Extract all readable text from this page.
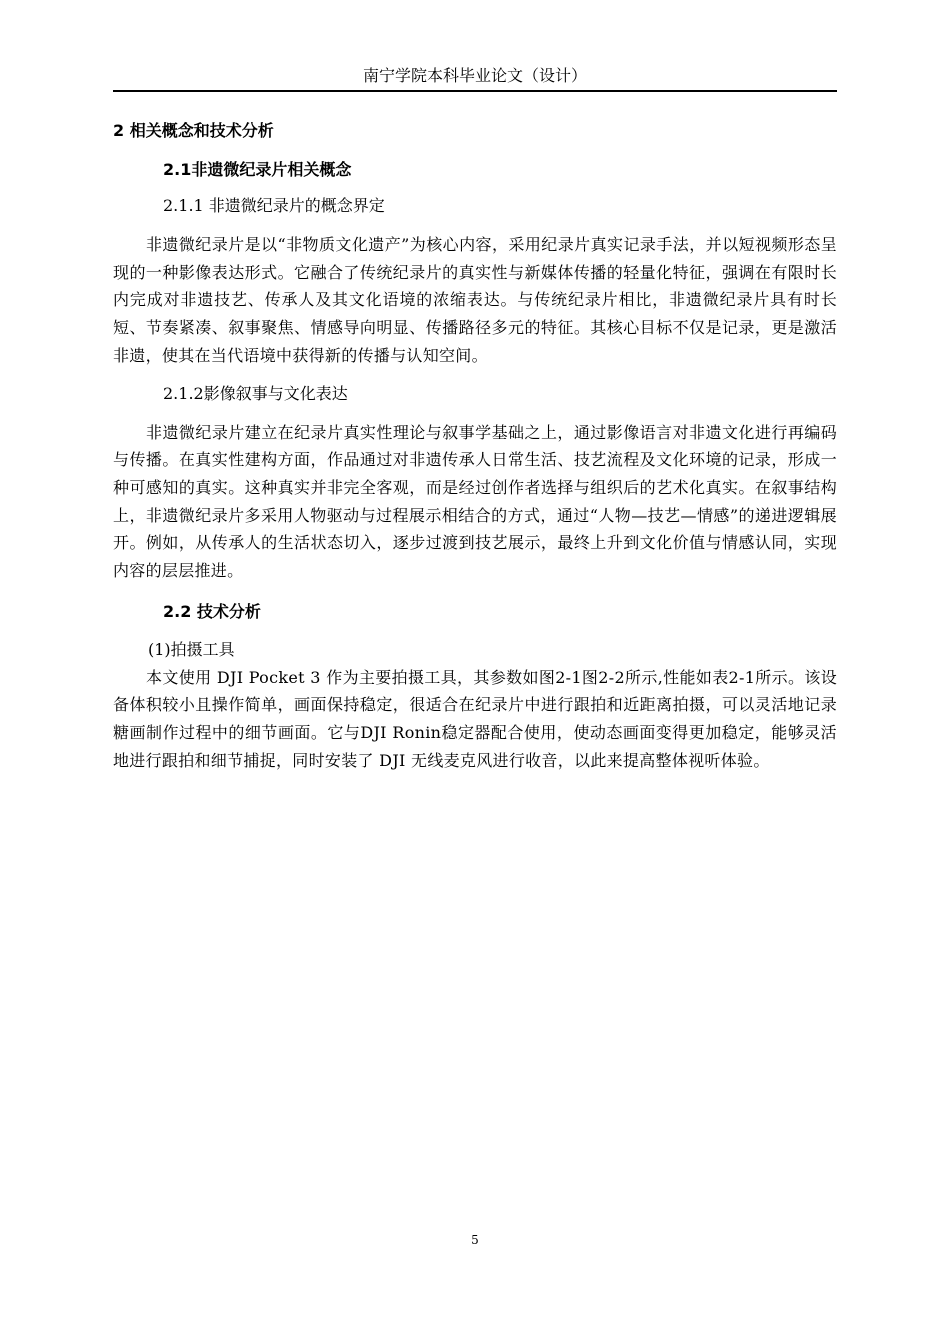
南宁学院本科毕业论文（设计）
2 相关概念和技术分析
2.1非遗微纪录片相关概念
2.1.1 非遗微纪录片的概念界定

非遗微纪录片是以“非物质文化遗产”为核心内容，采用纪录片真实记录手法，并以短视频形态呈现的一种影像表达形式。它融合了传统纪录片的真实性与新媒体传播的轻量化特征，强调在有限时长内完成对非遗技艺、传承人及其文化语境的浓缩表达。与传统纪录片相比，非遗微纪录片具有时长短、节奏紧凑、叙事聚焦、情感导向明显、传播路径多元的特征。其核心目标不仅是记录，更是激活非遗，使其在当代语境中获得新的传播与认知空间。

2.1.2影像叙事与文化表达

非遗微纪录片建立在纪录片真实性理论与叙事学基础之上，通过影像语言对非遗文化进行再编码与传播。在真实性建构方面，作品通过对非遗传承人日常生活、技艺流程及文化环境的记录，形成一种可感知的真实。这种真实并非完全客观，而是经过创作者选择与组织后的艺术化真实。在叙事结构上，非遗微纪录片多采用人物驱动与过程展示相结合的方式，通过“人物—技艺—情感”的递进逻辑展开。例如，从传承人的生活状态切入，逐步过渡到技艺展示，最终上升到文化价值与情感认同，实现内容的层层推进。

2.2 技术分析
(1)拍摄工具

本文使用 DJI Pocket 3 作为主要拍摄工具，其参数如图2-1图2-2所示,性能如表2-1所示。该设备体积较小且操作简单，画面保持稳定，很适合在纪录片中进行跟拍和近距离拍摄，可以灵活地记录糖画制作过程中的细节画面。它与DJI Ronin稳定器配合使用，使动态画面变得更加稳定，能够灵活地进行跟拍和细节捕捉，同时安装了 DJI 无线麦克风进行收音，以此来提高整体视听体验。

5
